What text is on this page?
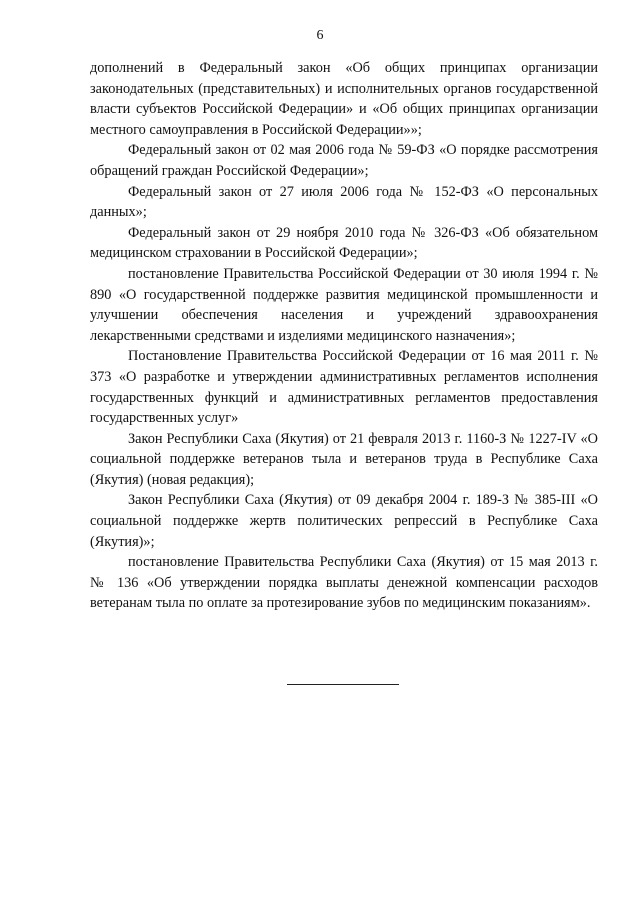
6

дополнений в Федеральный закон «Об общих принципах организации законодательных (представительных) и исполнительных органов государственной власти субъектов Российской Федерации» и «Об общих принципах организации местного самоуправления в Российской Федерации»»;

Федеральный закон от 02 мая 2006 года № 59-ФЗ «О порядке рассмотрения обращений граждан Российской Федерации»;

Федеральный закон от 27 июля 2006 года № 152-ФЗ «О персональных данных»;

Федеральный закон от 29 ноября 2010 года № 326-ФЗ «Об обязательном медицинском страховании в Российской Федерации»;

постановление Правительства Российской Федерации от 30 июля 1994 г. № 890 «О государственной поддержке развития медицинской промышленности и улучшении обеспечения населения и учреждений здравоохранения лекарственными средствами и изделиями медицинского назначения»;

Постановление Правительства Российской Федерации от 16 мая 2011 г. № 373 «О разработке и утверждении административных регламентов исполнения государственных функций и административных регламентов предоставления государственных услуг»

Закон Республики Саха (Якутия) от 21 февраля 2013 г. 1160-З № 1227-IV «О социальной поддержке ветеранов тыла и ветеранов труда в Республике Саха (Якутия) (новая редакция);

Закон Республики Саха (Якутия) от 09 декабря 2004 г. 189-З № 385-III «О социальной поддержке жертв политических репрессий в Республике Саха (Якутия)»;

постановление Правительства Республики Саха (Якутия) от 15 мая 2013 г. № 136 «Об утверждении порядка выплаты денежной компенсации расходов ветеранам тыла по оплате за протезирование зубов по медицинским показаниям».
